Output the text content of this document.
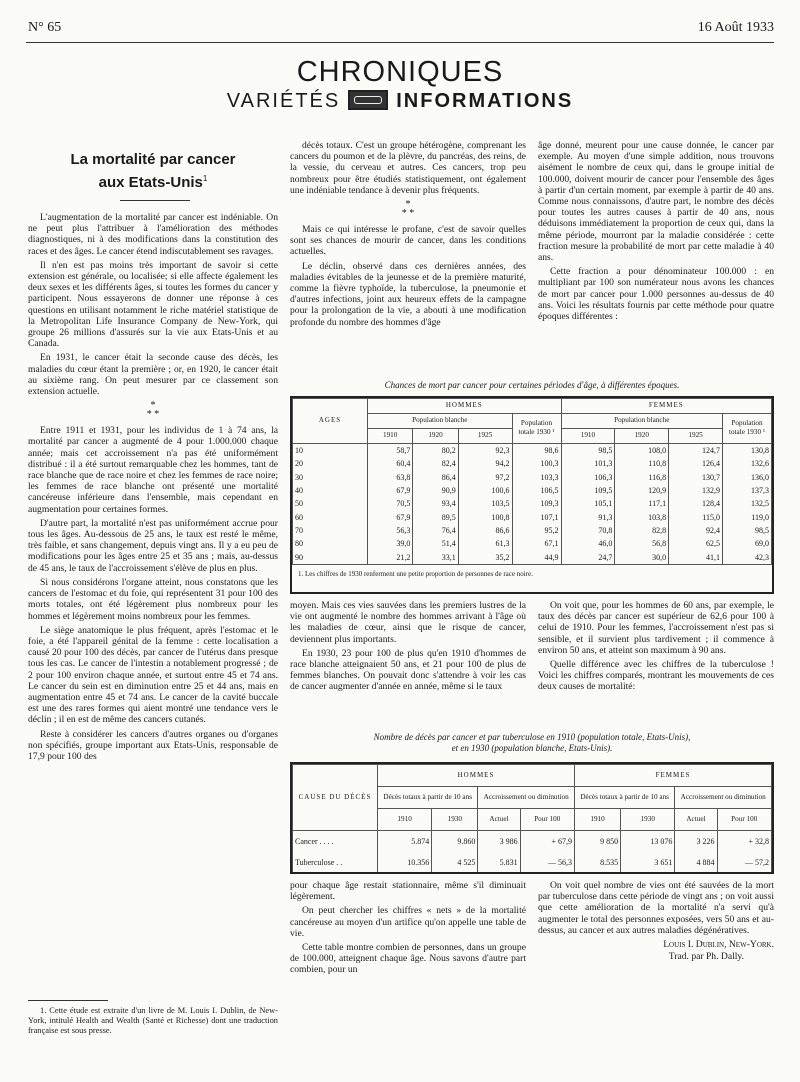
N° 65	16 Août 1933
CHRONIQUES
VARIÉTÉS	INFORMATIONS
La mortalité par cancer
aux Etats-Unis$^1$

L'augmentation de la mortalité par cancer est indéniable. On ne peut plus l'attribuer à l'amélioration des méthodes diagnostiques, ni à des modifications dans la constitution des races et des âges. Le cancer étend indiscutablement ses ravages.

Il n'en est pas moins très important de savoir si cette extension est générale, ou localisée; si elle affecte également les deux sexes et les différents âges, si toutes les formes du cancer y participent. Nous essayerons de donner une réponse à ces questions en utilisant notamment le riche matériel statistique de la Metropolitan Life Insurance Company de New-York, qui groupe 26 millions d'assurés sur la vie aux Etats-Unis et au Canada.

En 1931, le cancer était la seconde cause des décès, les maladies du cœur étant la première ; or, en 1920, le cancer était au sixième rang. On peut mesurer par ce classement son extension actuelle.

*
* *

Entre 1911 et 1931, pour les individus de 1 à 74 ans, la mortalité par cancer a augmenté de 4 pour 1.000.000 chaque année; mais cet accroissement n'a pas été uniformément distribué : il a été surtout remarquable chez les hommes, tant de race blanche que de race noire et chez les femmes de race noire; les femmes de race blanche ont présenté une mortalité cancéreuse inférieure dans l'ensemble, mais cependant en augmentation pour certaines formes.

D'autre part, la mortalité n'est pas uniformément accrue pour tous les âges. Au-dessous de 25 ans, le taux est resté le même, très faible, et sans changement, depuis vingt ans. Il y a eu peu de modifications pour les âges entre 25 et 35 ans ; mais, au-dessus de 45 ans, le taux de l'accroissement s'élève de plus en plus.

Si nous considérons l'organe atteint, nous constatons que les cancers de l'estomac et du foie, qui représentent 31 pour 100 des morts totales, ont été légèrement plus nombreux pour les hommes et légèrement moins nombreux pour les femmes.

Le siège anatomique le plus fréquent, après l'estomac et le foie, a été l'appareil génital de la femme : cette localisation a causé 20 pour 100 des décès, par cancer de l'utérus dans presque tous les cas. Le cancer de l'intestin a notablement progressé ; de 2 pour 100 environ chaque année, et surtout entre 45 et 74 ans. Le cancer du sein est en diminution entre 25 et 44 ans, mais en augmentation entre 45 et 74 ans. Le cancer de la cavité buccale est une des rares formes qui aient montré une tendance vers le déclin ; il en est de même des cancers cutanés.

Reste à considérer les cancers d'autres organes ou d'organes non spécifiés, groupe important aux Etats-Unis, responsable de 17,9 pour 100 des

1. Cette étude est extraite d'un livre de M. Louis I. Dublin, de New-York, intitulé Health and Wealth (Santé et Richesse) dont une traduction française est sous presse.

décès totaux. C'est un groupe hétérogène, comprenant les cancers du poumon et de la plèvre, du pancréas, des reins, de la vessie, du cerveau et autres. Ces cancers, trop peu nombreux pour être étudiés statistiquement, ont également une indéniable tendance à devenir plus fréquents.

*
* *

Mais ce qui intéresse le profane, c'est de savoir quelles sont ses chances de mourir de cancer, dans les conditions actuelles.

Le déclin, observé dans ces dernières années, des maladies évitables de la jeunesse et de la première maturité, comme la fièvre typhoïde, la tuberculose, la pneumonie et d'autres infections, joint aux heureux effets de la campagne pour la prolongation de la vie, a abouti à une modification profonde du nombre des hommes d'âge

âge donné, meurent pour une cause donnée, le cancer par exemple. Au moyen d'une simple addition, nous trouvons aisément le nombre de ceux qui, dans le groupe initial de 100.000, doivent mourir de cancer pour l'ensemble des âges à partir d'un certain moment, par exemple à partir de 40 ans. Comme nous connaissons, d'autre part, le nombre des décès pour toutes les autres causes à partir de 40 ans, nous déduisons immédiatement la proportion de ceux qui, dans la même période, mourront par la maladie considérée : cette fraction mesure la probabilité de mort par cette maladie à 40 ans.

Cette fraction a pour dénominateur 100.000 : en multipliant par 100 son numérateur nous avons les chances de mort par cancer pour 1.000 personnes au-dessus de 40 ans. Voici les résultats fournis par cette méthode pour quatre époques différentes :

Chances de mort par cancer pour certaines périodes d'âge, à différentes époques.
AGES	HOMMES				FEMMES			
	Population blanche			Population totale 1930 ¹	Population blanche			Population totale 1930 ¹
	1910	1920	1925		1910	1920	1925	
10	58,7	80,2	92,3	98,6	98,5	108,0	124,7	130,8
20	60,4	82,4	94,2	100,3	101,3	110,8	126,4	132,6
30	63,8	86,4	97,2	103,3	106,3	116,8	130,7	136,0
40	67,9	90,9	100,6	106,5	109,5	120,9	132,9	137,3
50	70,5	93,4	103,5	109,3	105,1	117,1	128,4	132,5
60	67,9	89,5	100,8	107,1	91,3	103,8	115,0	119,0
70	56,3	76,4	86,6	95,2	70,8	82,8	92,4	98,5
80	39,0	51,4	61,3	67,1	46,0	56,8	62,5	69,0
90	21,2	33,1	35,2	44,9	24,7	30,0	41,1	42,3
1. Les chiffres de 1930 renferment une petite proportion de personnes de race noire.

moyen. Mais ces vies sauvées dans les premiers lustres de la vie ont augmenté le nombre des hommes arrivant à l'âge où les maladies de cœur, ainsi que le risque de cancer, deviennent plus importants.

En 1930, 23 pour 100 de plus qu'en 1910 d'hommes de race blanche atteignaient 50 ans, et 21 pour 100 de plus de femmes blanches. On pouvait donc s'attendre à voir les cas de cancer augmenter d'année en année, même si le taux

On voit que, pour les hommes de 60 ans, par exemple, le taux des décès par cancer est supérieur de 62,6 pour 100 à celui de 1910. Pour les femmes, l'accroissement n'est pas si sensible, et il survient plus tardivement ; il commence à environ 50 ans, et atteint son maximum à 90 ans.

Quelle différence avec les chiffres de la tuberculose ! Voici les chiffres comparés, montrant les mouvements de ces deux causes de mortalité:

Nombre de décès par cancer et par tuberculose en 1910 (population totale, Etats-Unis),
et en 1930 (population blanche, Etats-Unis).
CAUSE DU DÉCÈS	HOMMES				FEMMES			
	Décès totaux à partir de 10 ans		Accroissement ou diminution		Décès totaux à partir de 10 ans		Accroissement ou diminution	
	1910	1930	Actuel	Pour 100	1910	1930	Actuel	Pour 100
Cancer . . . .	5.874	9.860	3 986	+ 67,9	9 850	13 076	3 226	+ 32,8
Tuberculose . .	10.356	4 525	5.831	— 56,3	8.535	3 651	4 884	— 57,2

pour chaque âge restait stationnaire, même s'il diminuait légèrement.

On peut chercher les chiffres « nets » de la mortalité cancéreuse au moyen d'un artifice qu'on appelle une table de vie.

Cette table montre combien de personnes, dans un groupe de 100.000, atteignent chaque âge. Nous savons d'autre part combien, pour un

On voit quel nombre de vies ont été sauvées de la mort par tuberculose dans cette période de vingt ans ; on voit aussi que cette amélioration de la mortalité n'a servi qu'à augmenter le total des personnes exposées, vers 50 ans et au-dessus, au cancer et aux autres maladies dégénératives.

Louis I. Dublin, New-York.
Trad. par Ph. Dally.
